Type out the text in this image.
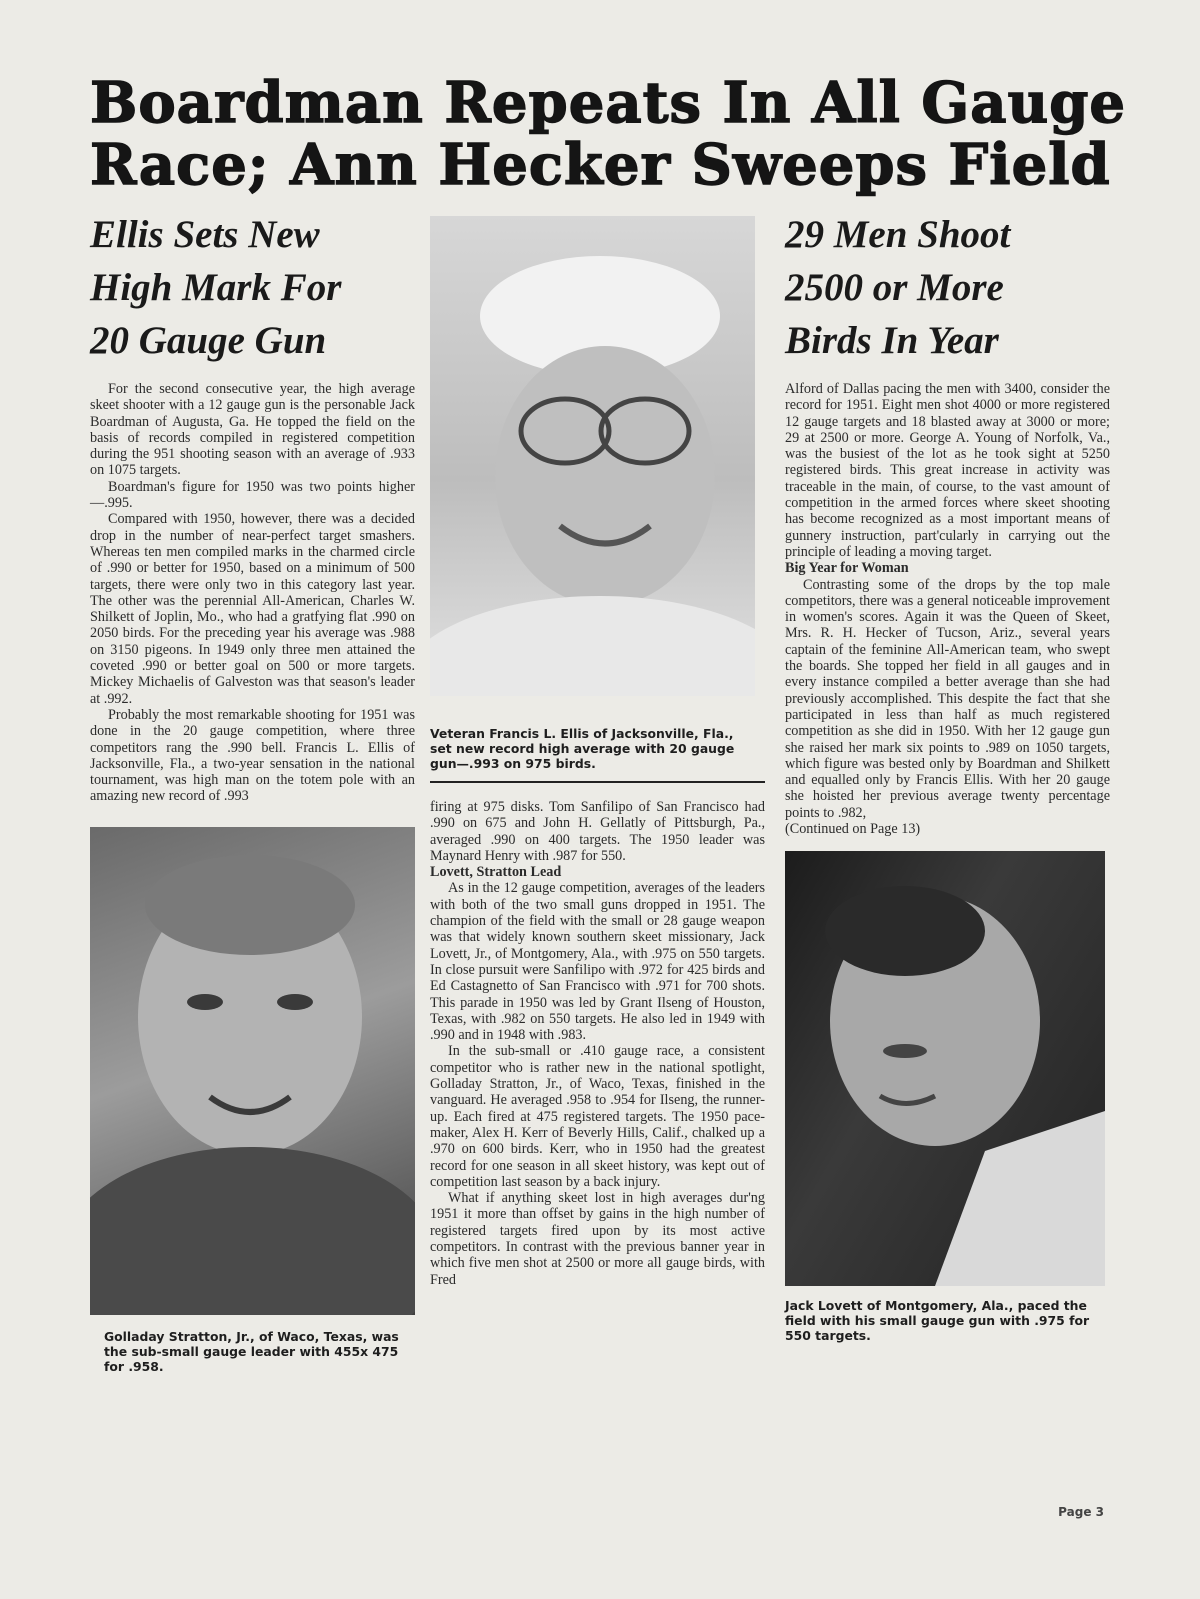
Boardman Repeats In All Gauge
Race; Ann Hecker Sweeps Field
Ellis Sets New
High Mark For
20 Gauge Gun

For the second consecutive year, the high average skeet shooter with a 12 gauge gun is the personable Jack Boardman of Augusta, Ga. He topped the field on the basis of records compiled in registered competition during the 951 shooting season with an average of .933 on 1075 targets.

Boardman's figure for 1950 was two points higher—.995.

Compared with 1950, however, there was a decided drop in the number of near-perfect target smashers. Whereas ten men compiled marks in the charmed circle of .990 or better for 1950, based on a minimum of 500 targets, there were only two in this category last year. The other was the perennial All-American, Charles W. Shilkett of Joplin, Mo., who had a gratfying flat .990 on 2050 birds. For the preceding year his average was .988 on 3150 pigeons. In 1949 only three men attained the coveted .990 or better goal on 500 or more targets. Mickey Michaelis of Galveston was that season's leader at .992.

Probably the most remarkable shooting for 1951 was done in the 20 gauge competition, where three competitors rang the .990 bell. Francis L. Ellis of Jacksonville, Fla., a two-year sensation in the national tournament, was high man on the totem pole with an amazing new record of .993

Golladay Stratton, Jr., of Waco, Texas, was the sub-small gauge leader with 455x 475 for .958.

Veteran Francis L. Ellis of Jacksonville, Fla., set new record high average with 20 gauge gun—.993 on 975 birds.

firing at 975 disks. Tom Sanfilipo of San Francisco had .990 on 675 and John H. Gellatly of Pittsburgh, Pa., averaged .990 on 400 targets. The 1950 leader was Maynard Henry with .987 for 550.

Lovett, Stratton Lead

As in the 12 gauge competition, averages of the leaders with both of the two small guns dropped in 1951. The champion of the field with the small or 28 gauge weapon was that widely known southern skeet missionary, Jack Lovett, Jr., of Montgomery, Ala., with .975 on 550 targets. In close pursuit were Sanfilipo with .972 for 425 birds and Ed Castagnetto of San Francisco with .971 for 700 shots. This parade in 1950 was led by Grant Ilseng of Houston, Texas, with .982 on 550 targets. He also led in 1949 with .990 and in 1948 with .983.

In the sub-small or .410 gauge race, a consistent competitor who is rather new in the national spotlight, Golladay Stratton, Jr., of Waco, Texas, finished in the vanguard. He averaged .958 to .954 for Ilseng, the runner-up. Each fired at 475 registered targets. The 1950 pace-maker, Alex H. Kerr of Beverly Hills, Calif., chalked up a .970 on 600 birds. Kerr, who in 1950 had the greatest record for one season in all skeet history, was kept out of competition last season by a back injury.

What if anything skeet lost in high averages dur'ng 1951 it more than offset by gains in the high number of registered targets fired upon by its most active competitors. In contrast with the previous banner year in which five men shot at 2500 or more all gauge birds, with Fred

29 Men Shoot
2500 or More
Birds In Year

Alford of Dallas pacing the men with 3400, consider the record for 1951. Eight men shot 4000 or more registered 12 gauge targets and 18 blasted away at 3000 or more; 29 at 2500 or more. George A. Young of Norfolk, Va., was the busiest of the lot as he took sight at 5250 registered birds. This great increase in activity was traceable in the main, of course, to the vast amount of competition in the armed forces where skeet shooting has become recognized as a most important means of gunnery instruction, part'cularly in carrying out the principle of leading a moving target.

Big Year for Woman

Contrasting some of the drops by the top male competitors, there was a general noticeable improvement in women's scores. Again it was the Queen of Skeet, Mrs. R. H. Hecker of Tucson, Ariz., several years captain of the feminine All-American team, who swept the boards. She topped her field in all gauges and in every instance compiled a better average than she had previously accomplished. This despite the fact that she participated in less than half as much registered competition as she did in 1950. With her 12 gauge gun she raised her mark six points to .989 on 1050 targets, which figure was bested only by Boardman and Shilkett and equalled only by Francis Ellis. With her 20 gauge she hoisted her previous average twenty percentage points to .982,

(Continued on Page 13)

Jack Lovett of Montgomery, Ala., paced the field with his small gauge gun with .975 for 550 targets.

Page 3
